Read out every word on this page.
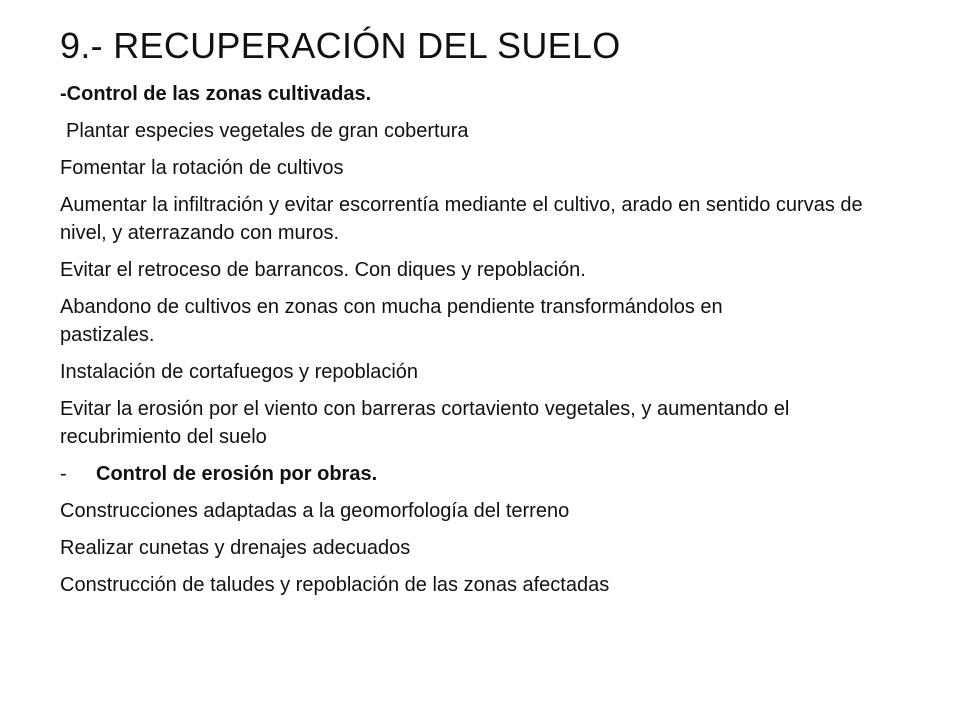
9.- RECUPERACIÓN DEL SUELO
-Control de las zonas cultivadas.
Plantar especies vegetales de gran cobertura
Fomentar la rotación de cultivos
Aumentar la infiltración y evitar escorrentía mediante el cultivo, arado en sentido curvas de nivel, y aterrazando con muros.
Evitar el retroceso de barrancos. Con diques y repoblación.
Abandono de cultivos en zonas con mucha pendiente transformándolos en pastizales.
Instalación de cortafuegos y repoblación
Evitar la erosión por el viento con barreras cortaviento vegetales, y aumentando el recubrimiento del suelo
-	Control de erosión por obras.
Construcciones adaptadas a la geomorfología del terreno
Realizar cunetas y drenajes adecuados
Construcción de taludes y repoblación de las zonas afectadas
